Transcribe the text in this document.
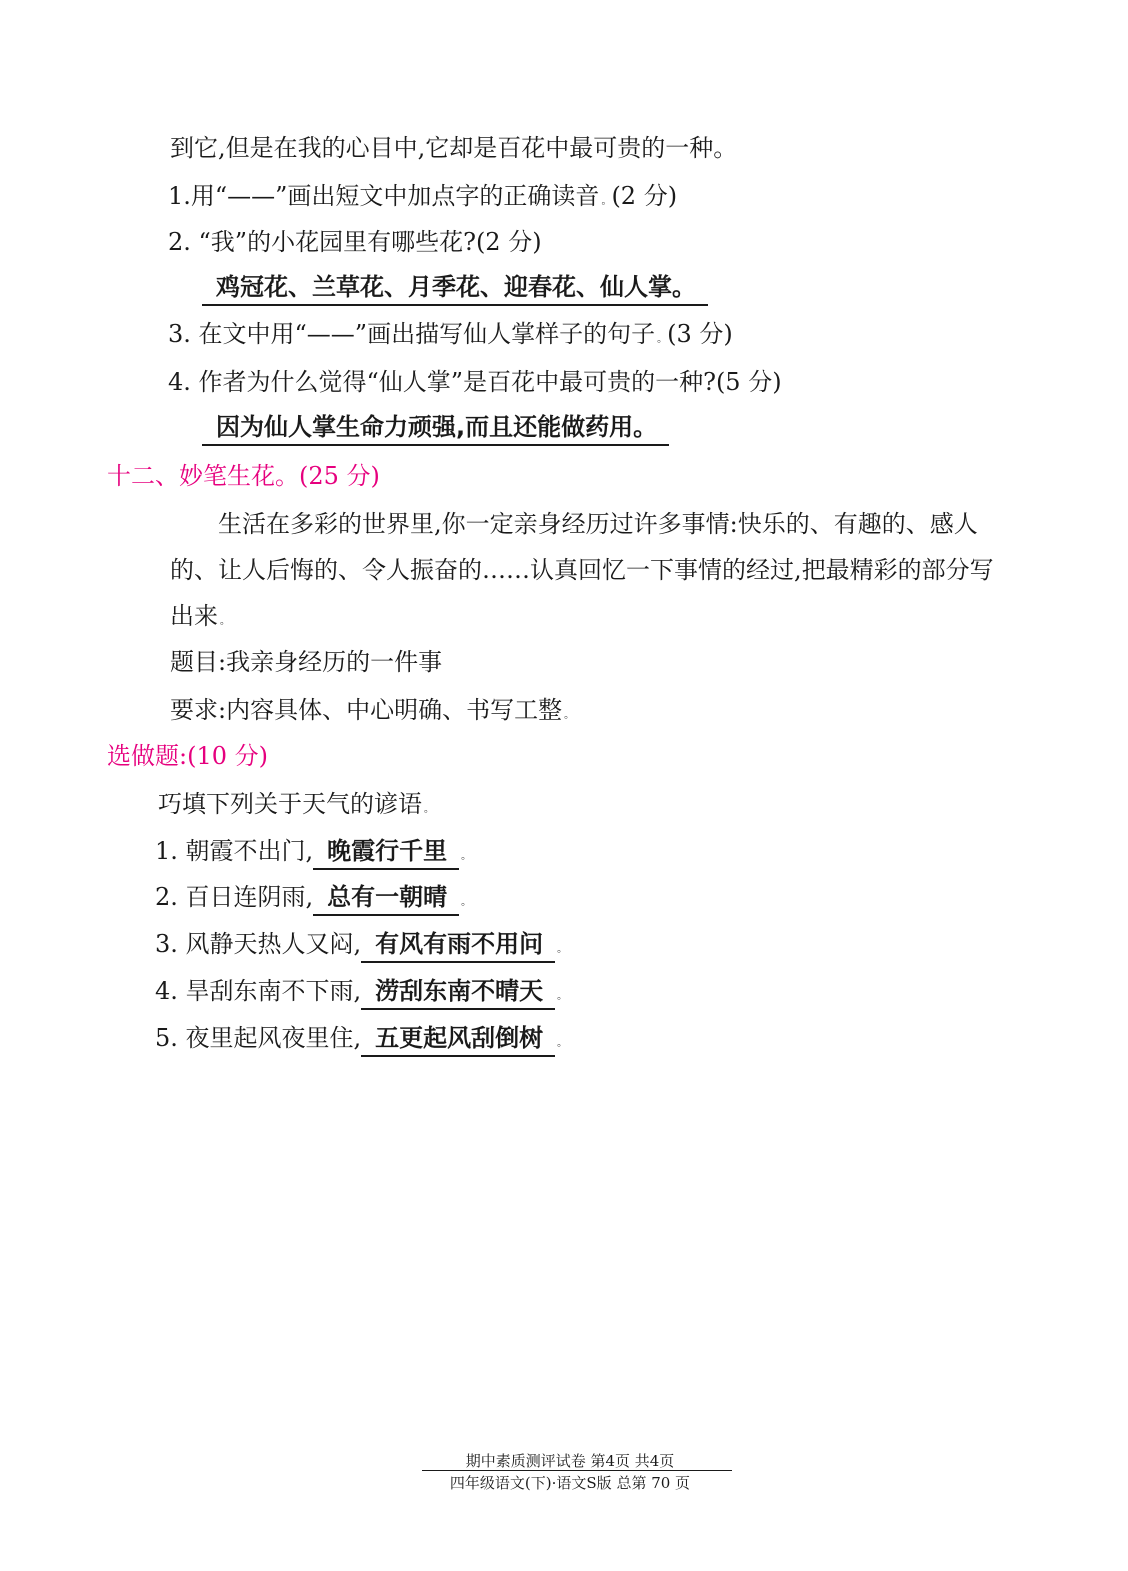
到它,但是在我的心目中,它却是百花中最可贵的一种。
1.用“——”画出短文中加点字的正确读音 。(2 分)
2. “我”的小花园里有哪些花?(2 分)
鸡冠花、兰草花、月季花、迎春花、仙人掌。
3. 在文中用“——”画出描写仙人掌样子的句子 。(3 分)
4. 作者为什么觉得“仙人掌”是百花中最可贵的一种?(5 分)
因为仙人掌生命力顽强,而且还能做药用。
十二、妙笔生花。(25 分)
生活在多彩的世界里,你一定亲身经历过许多事情:快乐的、有趣的、感人
的、让人后悔的、令人振奋的……认真回忆一下事情的经过,把最精彩的部分写
出来 。
题目:我亲身经历的一件事
要求:内容具体、中心明确、书写工整 。
选做题:(10 分)
巧填下列关于天气的谚语 。
1. 朝霞不出门, 晚霞行千里 。
2. 百日连阴雨, 总有一朝晴 。
3. 风静天热人又闷, 有风有雨不用问 。
4. 旱刮东南不下雨, 涝刮东南不晴天 。
5. 夜里起风夜里住, 五更起风刮倒树 。
期中素质测评试卷 第4页 共4页
四年级语文(下)·语文S版 总第 70 页
